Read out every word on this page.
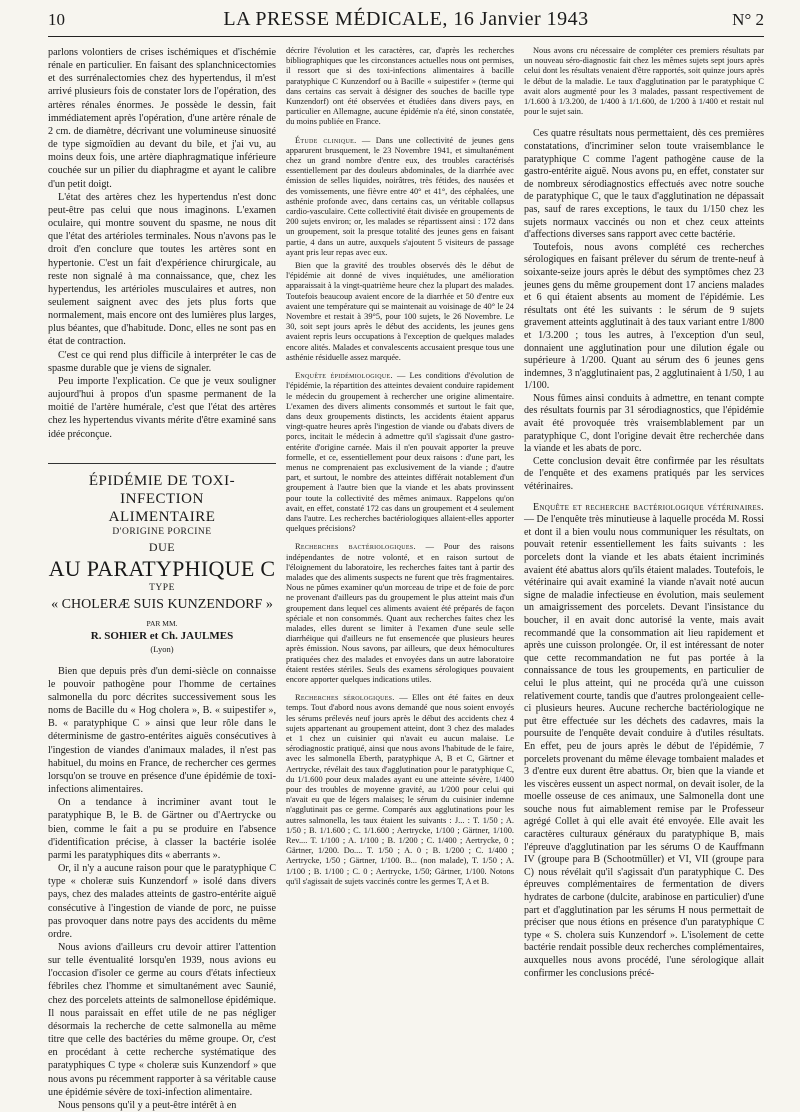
10	LA PRESSE MÉDICALE, 16 Janvier 1943	N° 2

parlons volontiers de crises ischémiques et d'ischémie rénale en particulier. En faisant des splanchnicectomies et des surrénalectomies chez des hypertendus, il m'est arrivé plusieurs fois de constater lors de l'opération, des artères rénales énormes. Je possède le dessin, fait immédiatement après l'opération, d'une artère rénale de 2 cm. de diamètre, décrivant une volumineuse sinuosité de type sigmoïdien au devant du bile, et j'ai vu, au moins deux fois, une artère diaphragmatique inférieure couchée sur un pilier du diaphragme et ayant le calibre d'un petit doigt.

L'état des artères chez les hypertendus n'est donc peut-être pas celui que nous imaginons. L'examen oculaire, qui montre souvent du spasme, ne nous dit que l'état des artérioles terminales. Nous n'avons pas le droit d'en conclure que toutes les artères sont en hypertonie. C'est un fait d'expérience chirurgicale, au reste non signalé à ma connaissance, que, chez les hypertendus, les artérioles musculaires et autres, non seulement saignent avec des jets plus forts que normalement, mais encore ont des lumières plus larges, plus béantes, que d'habitude. Donc, elles ne sont pas en état de contraction.

C'est ce qui rend plus difficile à interpréter le cas de spasme durable que je viens de signaler.

Peu importe l'explication. Ce que je veux souligner aujourd'hui à propos d'un spasme permanent de la moitié de l'artère humérale, c'est que l'état des artères chez les hypertendus vivants mérite d'être examiné sans idée préconçue.

ÉPIDÉMIE DE TOXI-INFECTION
ALIMENTAIRE
D'ORIGINE PORCINE
DUE
AU PARATYPHIQUE C
TYPE
« CHOLERÆ SUIS KUNZENDORF »
PAR MM.
R. SOHIER et Ch. JAULMES
(Lyon)

Bien que depuis près d'un demi-siècle on connaisse le pouvoir pathogène pour l'homme de certaines salmonella du porc décrites successivement sous les noms de Bacille du « Hog cholera », B. « suipestifer », B. « paratyphique C » ainsi que leur rôle dans le déterminisme de gastro-entérites aiguës consécutives à l'ingestion de viandes d'animaux malades, il n'est pas habituel, du moins en France, de rechercher ces germes lorsqu'on se trouve en présence d'une épidémie de toxi-infections alimentaires.

On a tendance à incriminer avant tout le paratyphique B, le B. de Gärtner ou d'Aertrycke ou bien, comme le fait a pu se produire en l'absence d'identification précise, à classer la bactérie isolée parmi les paratyphiques dits « aberrants ».

Or, il n'y a aucune raison pour que le paratyphique C type « choleræ suis Kunzendorf » isolé dans divers pays, chez des malades atteints de gastro-entérite aiguë consécutive à l'ingestion de viande de porc, ne puisse pas provoquer dans notre pays des accidents du même ordre.

Nous avions d'ailleurs cru devoir attirer l'attention sur telle éventualité lorsqu'en 1939, nous avions eu l'occasion d'isoler ce germe au cours d'états infectieux fébriles chez l'homme et simultanément avec Saunié, chez des porcelets atteints de salmonellose épidémique. Il nous paraissait en effet utile de ne pas négliger désormais la recherche de cette salmonella au même titre que celle des bactéries du même groupe. Or, c'est en procédant à cette recherche systématique des paratyphiques C type « choleræ suis Kunzendorf » que nous avons pu récemment rapporter à sa véritable cause une épidémie sévère de toxi-infection alimentaire.

Nous pensons qu'il y a peut-être intérêt à en

décrire l'évolution et les caractères, car, d'après les recherches bibliographiques que les circonstances actuelles nous ont permises, il ressort que si des toxi-infections alimentaires à bacille paratyphique C Kunzendorf ou à Bacille « suipestifer » (terme qui dans certains cas servait à désigner des souches de bacille type Kunzendorf) ont été observées et étudiées dans divers pays, en particulier en Allemagne, aucune épidémie n'a été, sinon constatée, du moins publiée en France.

Étude clinique. — Dans une collectivité de jeunes gens apparurent brusquement, le 23 Novembre 1941, et simultanément chez un grand nombre d'entre eux, des troubles caractérisés essentiellement par des douleurs abdominales, de la diarrhée avec émission de selles liquides, noirâtres, très fétides, des nausées et des vomissements, une fièvre entre 40° et 41°, des céphalées, une asthénie profonde avec, dans certains cas, un véritable collapsus cardio-vasculaire. Cette collectivité était divisée en groupements de 200 sujets environ; or, les malades se répartissent ainsi : 172 dans un groupement, soit la presque totalité des jeunes gens en faisant partie, 4 dans un autre, auxquels s'ajoutent 5 visiteurs de passage ayant pris leur repas avec eux.

Bien que la gravité des troubles observés dès le début de l'épidémie ait donné de vives inquiétudes, une amélioration apparaissait à la vingt-quatrième heure chez la plupart des malades. Toutefois beaucoup avaient encore de la diarrhée et 50 d'entre eux avaient une température qui se maintenait au voisinage de 40° le 24 Novembre et restait à 39°5, pour 100 sujets, le 26 Novembre. Le 30, soit sept jours après le début des accidents, les jeunes gens avaient repris leurs occupations à l'exception de quelques malades encore alités. Malades et convalescents accusaient presque tous une asthénie résiduelle assez marquée.

Enquête épidémiologique. — Les conditions d'évolution de l'épidémie, la répartition des atteintes devaient conduire rapidement le médecin du groupement à rechercher une origine alimentaire. L'examen des divers aliments consommés et surtout le fait que, dans deux groupements distincts, les accidents étaient apparus vingt-quatre heures après l'ingestion de viande ou d'abats divers de porcs, incitait le médecin à admettre qu'il s'agissait d'une gastro-entérite d'origine carnée. Mais il n'en pouvait apporter la preuve formelle, et ce, essentiellement pour deux raisons : d'une part, les menus ne comprenaient pas exclusivement de la viande ; d'autre part, et surtout, le nombre des atteintes différait notablement d'un groupement à l'autre bien que la viande et les abats provinssent pour toute la collectivité des mêmes animaux. Rappelons qu'on avait, en effet, constaté 172 cas dans un groupement et 4 seulement dans l'autre. Les recherches bactériologiques allaient-elles apporter quelques précisions?

Recherches bactériologiques. — Pour des raisons indépendantes de notre volonté, et en raison surtout de l'éloignement du laboratoire, les recherches faites tant à partir des malades que des aliments suspects ne furent que très fragmentaires. Nous ne pûmes examiner qu'un morceau de tripe et de foie de porc ne provenant d'ailleurs pas du groupement le plus atteint mais d'un groupement dans lequel ces aliments avaient été préparés de façon spéciale et non consommés. Quant aux recherches faites chez les malades, elles durent se limiter à l'examen d'une seule selle diarrhéique qui d'ailleurs ne fut ensemencée que plusieurs heures après émission. Nous savons, par ailleurs, que deux hémocultures pratiquées chez des malades et envoyées dans un autre laboratoire étaient restées stériles. Seuls des examens sérologiques pouvaient encore apporter quelques indications utiles.

Recherches sérologiques. — Elles ont été faites en deux temps. Tout d'abord nous avons demandé que nous soient envoyés les sérums prélevés neuf jours après le début des accidents chez 4 sujets appartenant au groupement atteint, dont 3 chez des malades et 1 chez un cuisinier qui n'avait eu aucun malaise. Le sérodiagnostic pratiqué, ainsi que nous avons l'habitude de le faire, avec les salmonella Eberth, paratyphique A, B et C, Gärtner et Aertrycke, révélait des taux d'agglutination pour le paratyphique C, du 1/1.600 pour deux malades ayant eu une atteinte sévère, 1/400 pour des troubles de moyenne gravité, au 1/200 pour celui qui n'avait eu que de légers malaises; le sérum du cuisinier indemne n'agglutinait pas ce germe. Comparés aux agglutinations pour les autres salmonella, les taux étaient les suivants : J... : T. 1/50 ; A. 1/50 ; B. 1/1.600 ; C. 1/1.600 ; Aertrycke, 1/100 ; Gärtner, 1/100. Rev.... T. 1/100 ; A. 1/100 ; B. 1/200 ; C. 1/400 ; Aertrycke, 0 ; Gärtner, 1/200. Do.... T. 1/50 ; A. 0 ; B. 1/200 ; C. 1/400 ; Aertrycke, 1/50 ; Gärtner, 1/100. B... (non malade), T. 1/50 ; A. 1/100 ; B. 1/100 ; C. 0 ; Aertrycke, 1/50; Gärtner, 1/100. Notons qu'il s'agissait de sujets vaccinés contre les germes T, A et B.

Nous avons cru nécessaire de compléter ces premiers résultats par un nouveau séro-diagnostic fait chez les mêmes sujets sept jours après celui dont les résultats venaient d'être rapportés, soit quinze jours après le début de la maladie. Le taux d'agglutination par le paratyphique C avait alors augmenté pour les 3 malades, passant respectivement de 1/1.600 à 1/3.200, de 1/400 à 1/1.600, de 1/200 à 1/400 et restait nul pour le sujet sain.

Ces quatre résultats nous permettaient, dès ces premières constatations, d'incriminer selon toute vraisemblance le paratyphique C comme l'agent pathogène cause de la gastro-entérite aiguë. Nous avons pu, en effet, constater sur de nombreux sérodiagnostics effectués avec notre souche de paratyphique C, que le taux d'agglutination ne dépassait pas, sauf de rares exceptions, le taux du 1/150 chez les sujets normaux vaccinés ou non et chez ceux atteints d'affections diverses sans rapport avec cette bactérie.

Toutefois, nous avons complété ces recherches sérologiques en faisant prélever du sérum de trente-neuf à soixante-seize jours après le début des symptômes chez 23 jeunes gens du même groupement dont 17 anciens malades et 6 qui étaient absents au moment de l'épidémie. Les résultats ont été les suivants : le sérum de 9 sujets gravement atteints agglutinait à des taux variant entre 1/800 et 1/3.200 ; tous les autres, à l'exception d'un seul, donnaient une agglutination pour une dilution égale ou supérieure à 1/200. Quant au sérum des 6 jeunes gens indemnes, 3 n'agglutinaient pas, 2 agglutinaient à 1/50, 1 au 1/100.

Nous fûmes ainsi conduits à admettre, en tenant compte des résultats fournis par 31 sérodiagnostics, que l'épidémie avait été provoquée très vraisemblablement par un paratyphique C, dont l'origine devait être recherchée dans la viande et les abats de porc.

Cette conclusion devait être confirmée par les résultats de l'enquête et des examens pratiqués par les services vétérinaires.

Enquête et recherche bactériologique vétérinaires. — De l'enquête très minutieuse à laquelle procéda M. Rossi et dont il a bien voulu nous communiquer les résultats, on pouvait retenir essentiellement les faits suivants : les porcelets dont la viande et les abats étaient incriminés avaient été abattus alors qu'ils étaient malades. Toutefois, le vétérinaire qui avait examiné la viande n'avait noté aucun signe de maladie infectieuse en évolution, mais seulement un amaigrissement des porcelets. Devant l'insistance du boucher, il en avait donc autorisé la vente, mais avait recommandé que la consommation ait lieu rapidement et après une cuisson prolongée. Or, il est intéressant de noter que cette recommandation ne fut pas portée à la connaissance de tous les groupements, en particulier de celui le plus atteint, qui ne procéda qu'à une cuisson relativement courte, tandis que d'autres prolongeaient celle-ci plusieurs heures. Aucune recherche bactériologique ne put être effectuée sur les déchets des cadavres, mais la poursuite de l'enquête devait conduire à d'utiles résultats. En effet, peu de jours après le début de l'épidémie, 7 porcelets provenant du même élevage tombaient malades et 3 d'entre eux durent être abattus. Or, bien que la viande et les viscères eussent un aspect normal, on devait isoler, de la moelle osseuse de ces animaux, une Salmonella dont une souche nous fut aimablement remise par le Professeur agrégé Collet à qui elle avait été envoyée. Elle avait les caractères culturaux généraux du paratyphique B, mais l'épreuve d'agglutination par les sérums O de Kauffmann IV (groupe para B (Schootmüller) et VI, VII (groupe para C) nous révélait qu'il s'agissait d'un paratyphique C. Des épreuves complémentaires de fermentation de divers hydrates de carbone (dulcite, arabinose en particulier) d'une part et d'agglutination par les sérums H nous permettait de préciser que nous étions en présence d'un paratyphique C type « S. cholera suis Kunzendorf ». L'isolement de cette bactérie rendait possible deux recherches complémentaires, auxquelles nous avons procédé, l'une sérologique allait confirmer les conclusions précé-
